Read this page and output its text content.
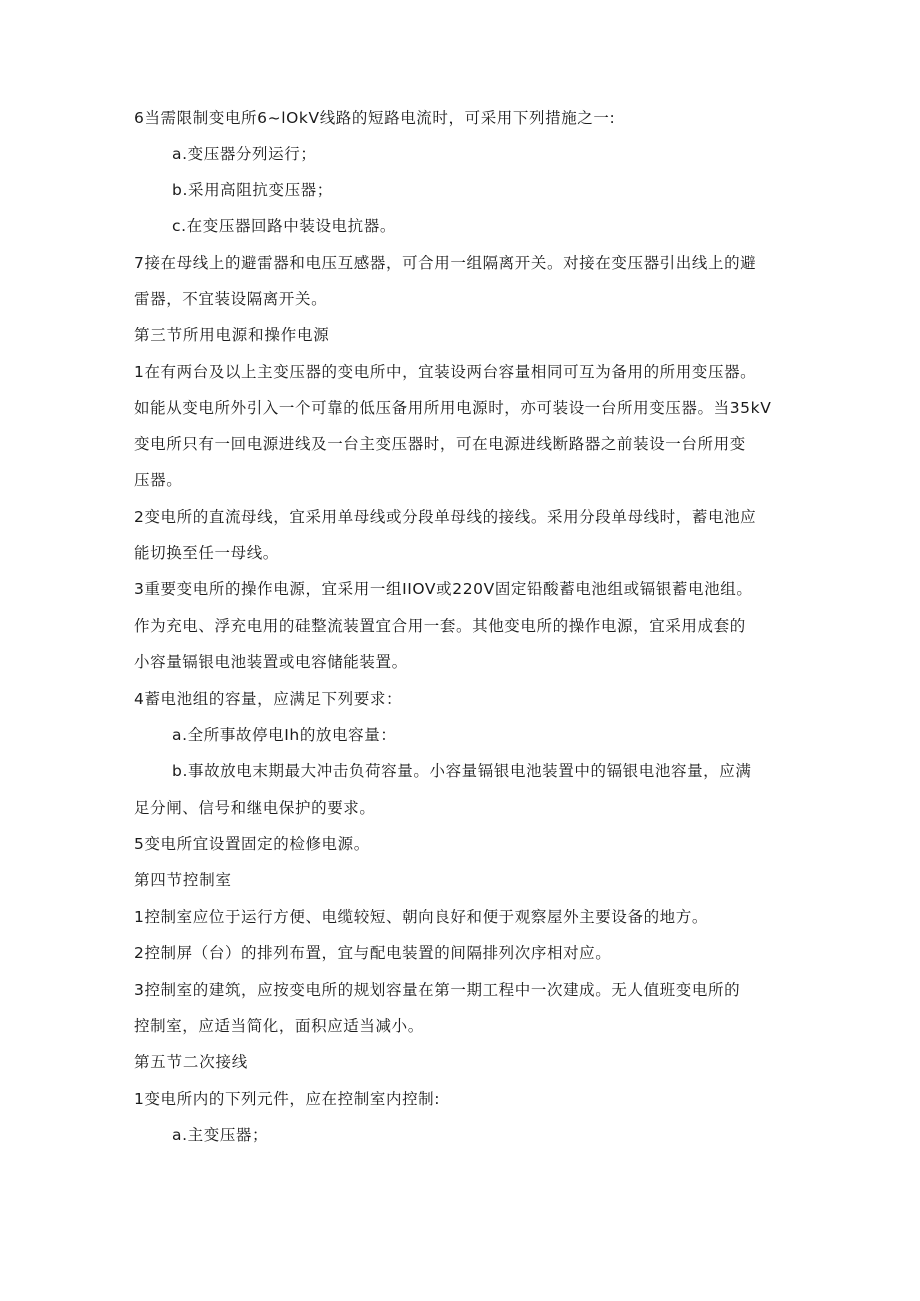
6当需限制变电所6~lOkV线路的短路电流时，可采用下列措施之一:

a.变压器分列运行；

b.采用高阻抗变压器；

c.在变压器回路中装设电抗器。

7接在母线上的避雷器和电压互感器，可合用一组隔离开关。对接在变压器引出线上的避

雷器，不宜装设隔离开关。

第三节所用电源和操作电源

1在有两台及以上主变压器的变电所中，宜装设两台容量相同可互为备用的所用变压器。

如能从变电所外引入一个可靠的低压备用所用电源时，亦可装设一台所用变压器。当35kV

变电所只有一回电源进线及一台主变压器时，可在电源进线断路器之前装设一台所用变

压器。

2变电所的直流母线，宜采用单母线或分段单母线的接线。采用分段单母线时，蓄电池应

能切换至任一母线。

3重要变电所的操作电源，宜采用一组IIOV或220V固定铅酸蓄电池组或镉银蓄电池组。

作为充电、浮充电用的硅整流装置宜合用一套。其他变电所的操作电源，宜采用成套的

小容量镉银电池装置或电容储能装置。

4蓄电池组的容量，应满足下列要求：

a.全所事故停电Ih的放电容量：

b.事故放电末期最大冲击负荷容量。小容量镉银电池装置中的镉银电池容量，应满

足分闸、信号和继电保护的要求。

5变电所宜设置固定的检修电源。

第四节控制室

1控制室应位于运行方便、电缆较短、朝向良好和便于观察屋外主要设备的地方。

2控制屏（台）的排列布置，宜与配电装置的间隔排列次序相对应。

3控制室的建筑，应按变电所的规划容量在第一期工程中一次建成。无人值班变电所的

控制室，应适当简化，面积应适当减小。

第五节二次接线

1变电所内的下列元件，应在控制室内控制:

a.主变压器；
